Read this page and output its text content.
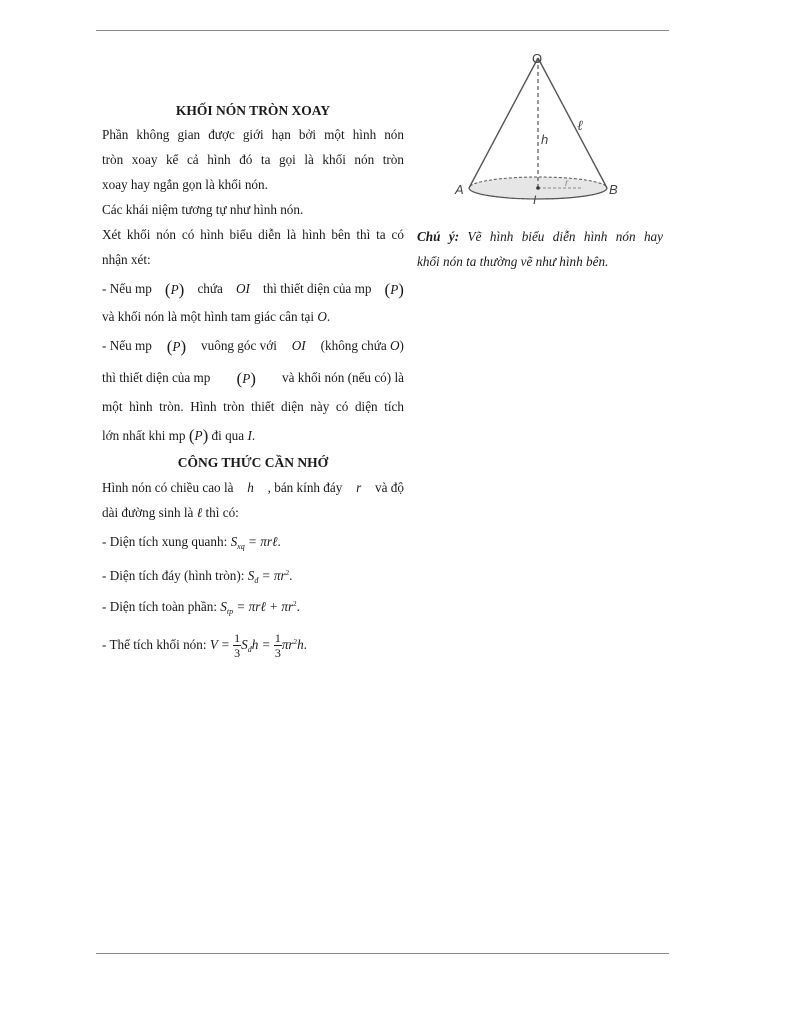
KHỐI NÓN TRÒN XOAY

Phần không gian được giới hạn bởi một hình nón

tròn xoay kể cả hình đó ta gọi là khối nón tròn

xoay hay ngắn gọn là khối nón.

Các khái niệm tương tự như hình nón.

Xét khối nón có hình biểu diễn là hình bên thì ta có

nhận xét:

- Nếu mp (P) chứa OI thì thiết diện của mp (P)

và khối nón là một hình tam giác cân tại O.

- Nếu mp (P) vuông góc với OI (không chứa O)

thì thiết diện của mp (P) và khối nón (nếu có) là

một hình tròn. Hình tròn thiết diện này có diện tích

lớn nhất khi mp (P) đi qua I.

CÔNG THỨC CẦN NHỚ

Hình nón có chiều cao là h , bán kính đáy r và độ

dài đường sinh là ℓ thì có:

- Diện tích xung quanh: $S_{xq}$ = πrℓ.

- Diện tích đáy (hình tròn): $S_đ = \pi r^2$.

- Diện tích toàn phần: $S_{tp}$ = πrℓ + $\pi r^2$.

- Thể tích khối nón: $V = \frac{1}{3} S_đh = \frac{1}{3} \pi r^2h$.

O
A	B
I
h
ℓ
r

Chú ý: Vẽ hình biểu diễn hình nón hay

khối nón ta thường vẽ như hình bên.
